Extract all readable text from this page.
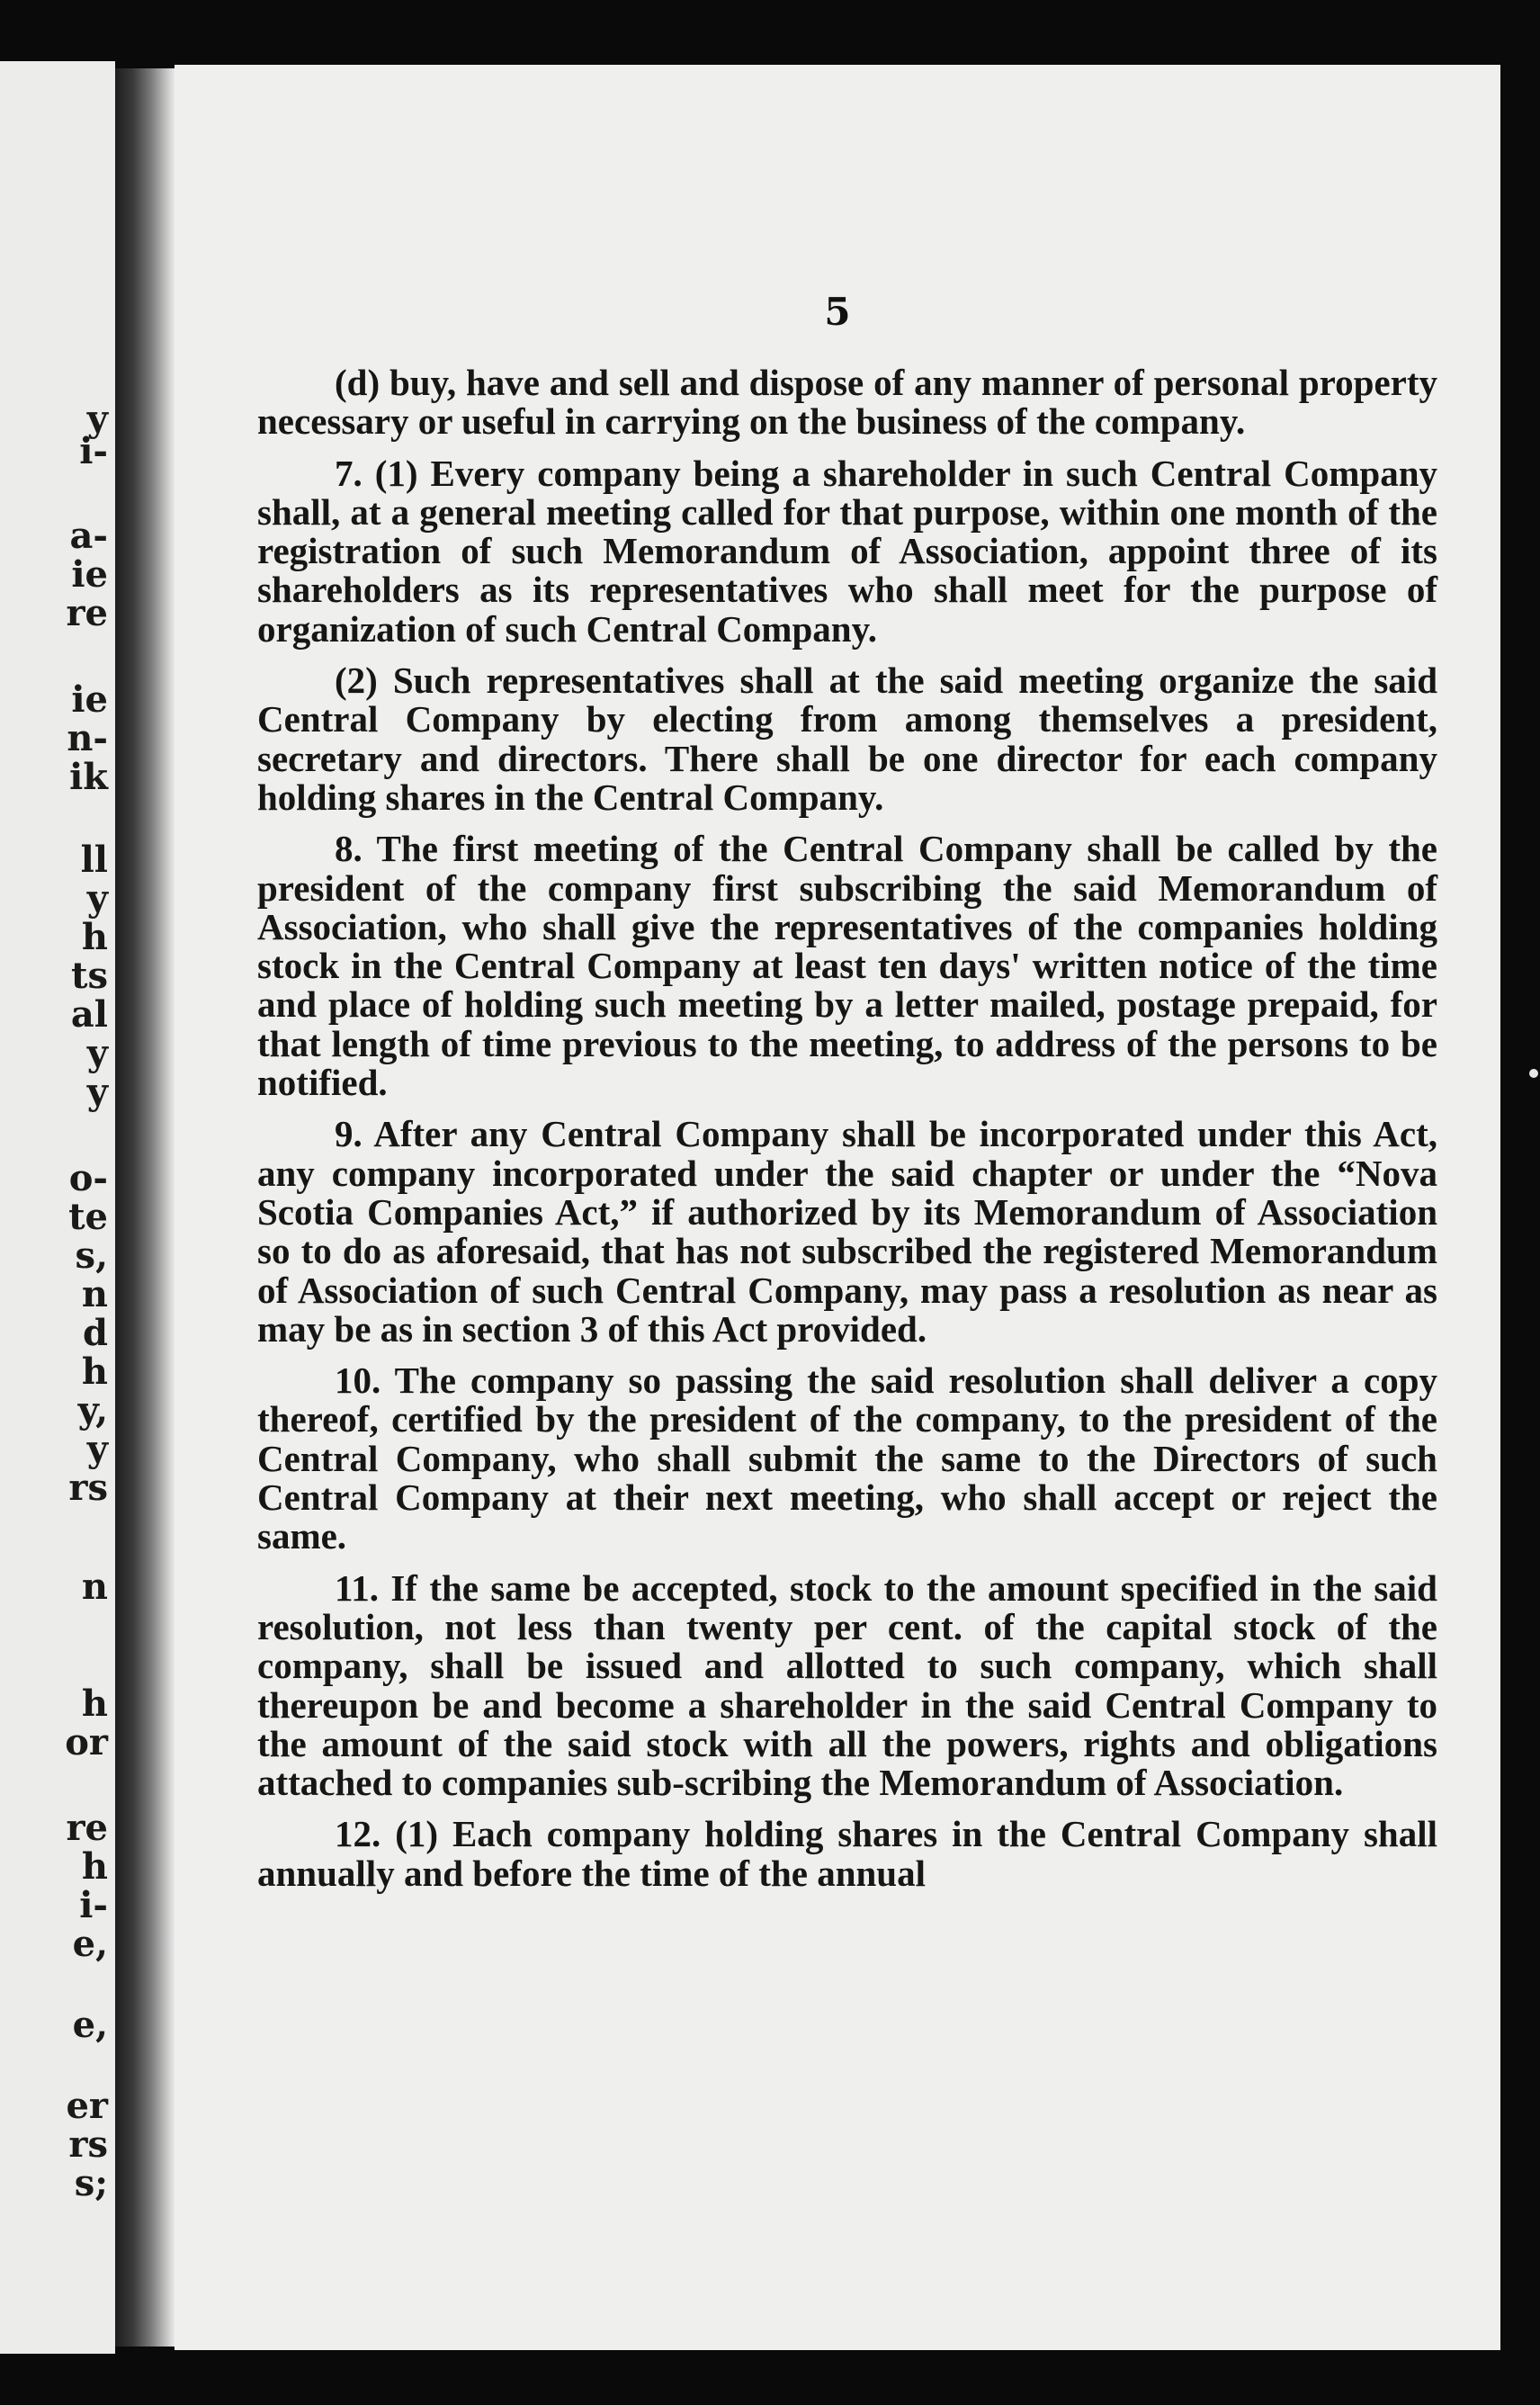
y
i-
a-
ie
re
ie
n-
ik
ll
y
h
ts
al
y
y
o-
te
s,
n
d
h
y,
y
rs
n
h
or
re
h
i-
e,
e,
er
rs
s;
5

(d) buy, have and sell and dispose of any manner of personal property necessary or useful in carrying on the business of the company.

7. (1) Every company being a shareholder in such Central Company shall, at a general meeting called for that purpose, within one month of the registration of such Memorandum of Association, appoint three of its shareholders as its representatives who shall meet for the purpose of organization of such Central Company.

(2) Such representatives shall at the said meeting organize the said Central Company by electing from among themselves a president, secretary and directors. There shall be one director for each company holding shares in the Central Company.

8. The first meeting of the Central Company shall be called by the president of the company first subscribing the said Memorandum of Association, who shall give the representatives of the companies holding stock in the Central Company at least ten days' written notice of the time and place of holding such meeting by a letter mailed, postage prepaid, for that length of time previous to the meeting, to address of the persons to be notified.

9. After any Central Company shall be incorporated under this Act, any company incorporated under the said chapter or under the “Nova Scotia Companies Act,” if authorized by its Memorandum of Association so to do as aforesaid, that has not subscribed the registered Memorandum of Association of such Central Company, may pass a resolution as near as may be as in section 3 of this Act provided.

10. The company so passing the said resolution shall deliver a copy thereof, certified by the president of the company, to the president of the Central Company, who shall submit the same to the Directors of such Central Company at their next meeting, who shall accept or reject the same.

11. If the same be accepted, stock to the amount specified in the said resolution, not less than twenty per cent. of the capital stock of the company, shall be issued and allotted to such company, which shall thereupon be and become a shareholder in the said Central Company to the amount of the said stock with all the powers, rights and obligations attached to companies sub-scribing the Memorandum of Association.

12. (1) Each company holding shares in the Central Company shall annually and before the time of the annual
